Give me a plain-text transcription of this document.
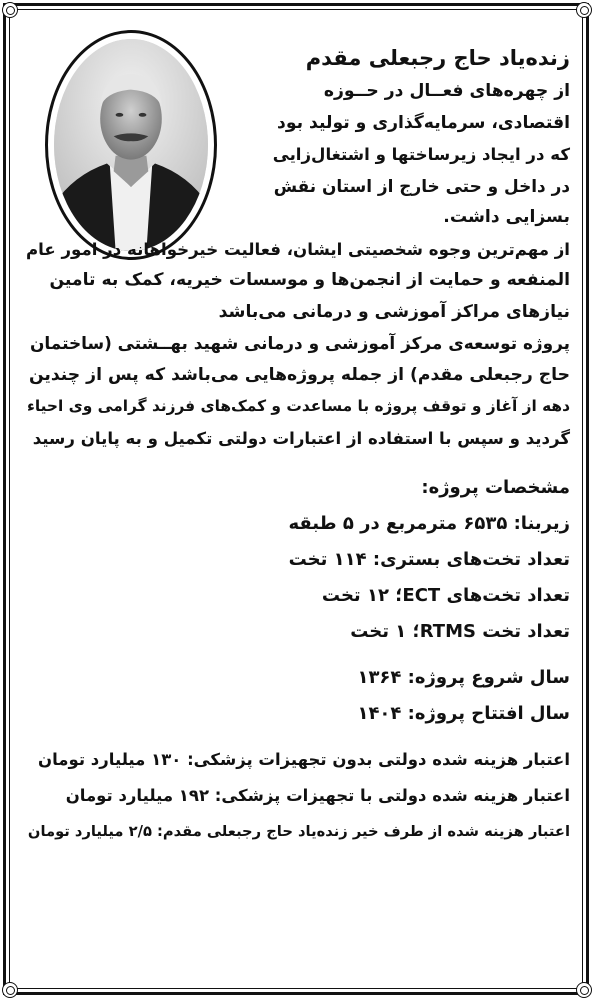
زنده‌یاد حاج رجبعلی مقدم
از چهره‌های فعــال در حــوزه
اقتصادی، سرمایه‌گذاری و تولید بود
که در ایجاد زیرساختها و اشتغال‌زایی
در داخل و حتی خارج از استان نقش
بسزایی داشت.
از مهم‌ترین وجوه شخصیتی ایشان، فعالیت خیرخواهانه در امور عام
المنفعه و حمایت از انجمن‌ها و موسسات خیریه، کمک به تامین
نیازهای مراکز آموزشی و درمانی می‌باشد
پروژه توسعه‌ی مرکز آموزشی و درمانی شهید بهــشتی (ساختمان
حاج رجبعلی مقدم) از جمله پروژه‌هایی می‌باشد که پس از چندین
دهه از آغاز و توقف پروژه با مساعدت و کمک‌های فرزند گرامی وی احیاء
گردید و سپس با استفاده از اعتبارات دولتی تکمیل و به پایان رسید
مشخصات پروژه:
زیربنا: ۶۵۳۵ مترمربع در ۵ طبقه
تعداد تخت‌های بستری: ۱۱۴ تخت
تعداد تخت‌های ECT؛ ۱۲ تخت
تعداد تخت RTMS؛ ۱ تخت
سال شروع پروژه: ۱۳۶۴
سال افتتاح پروژه: ۱۴۰۴
اعتبار هزینه شده دولتی بدون تجهیزات پزشکی: ۱۳۰ میلیارد تومان
اعتبار هزینه شده دولتی با تجهیزات پزشکی: ۱۹۲ میلیارد تومان
اعتبار هزینه شده از طرف خیر زنده‌یاد حاج رجبعلی مقدم: ۲/۵ میلیارد تومان
